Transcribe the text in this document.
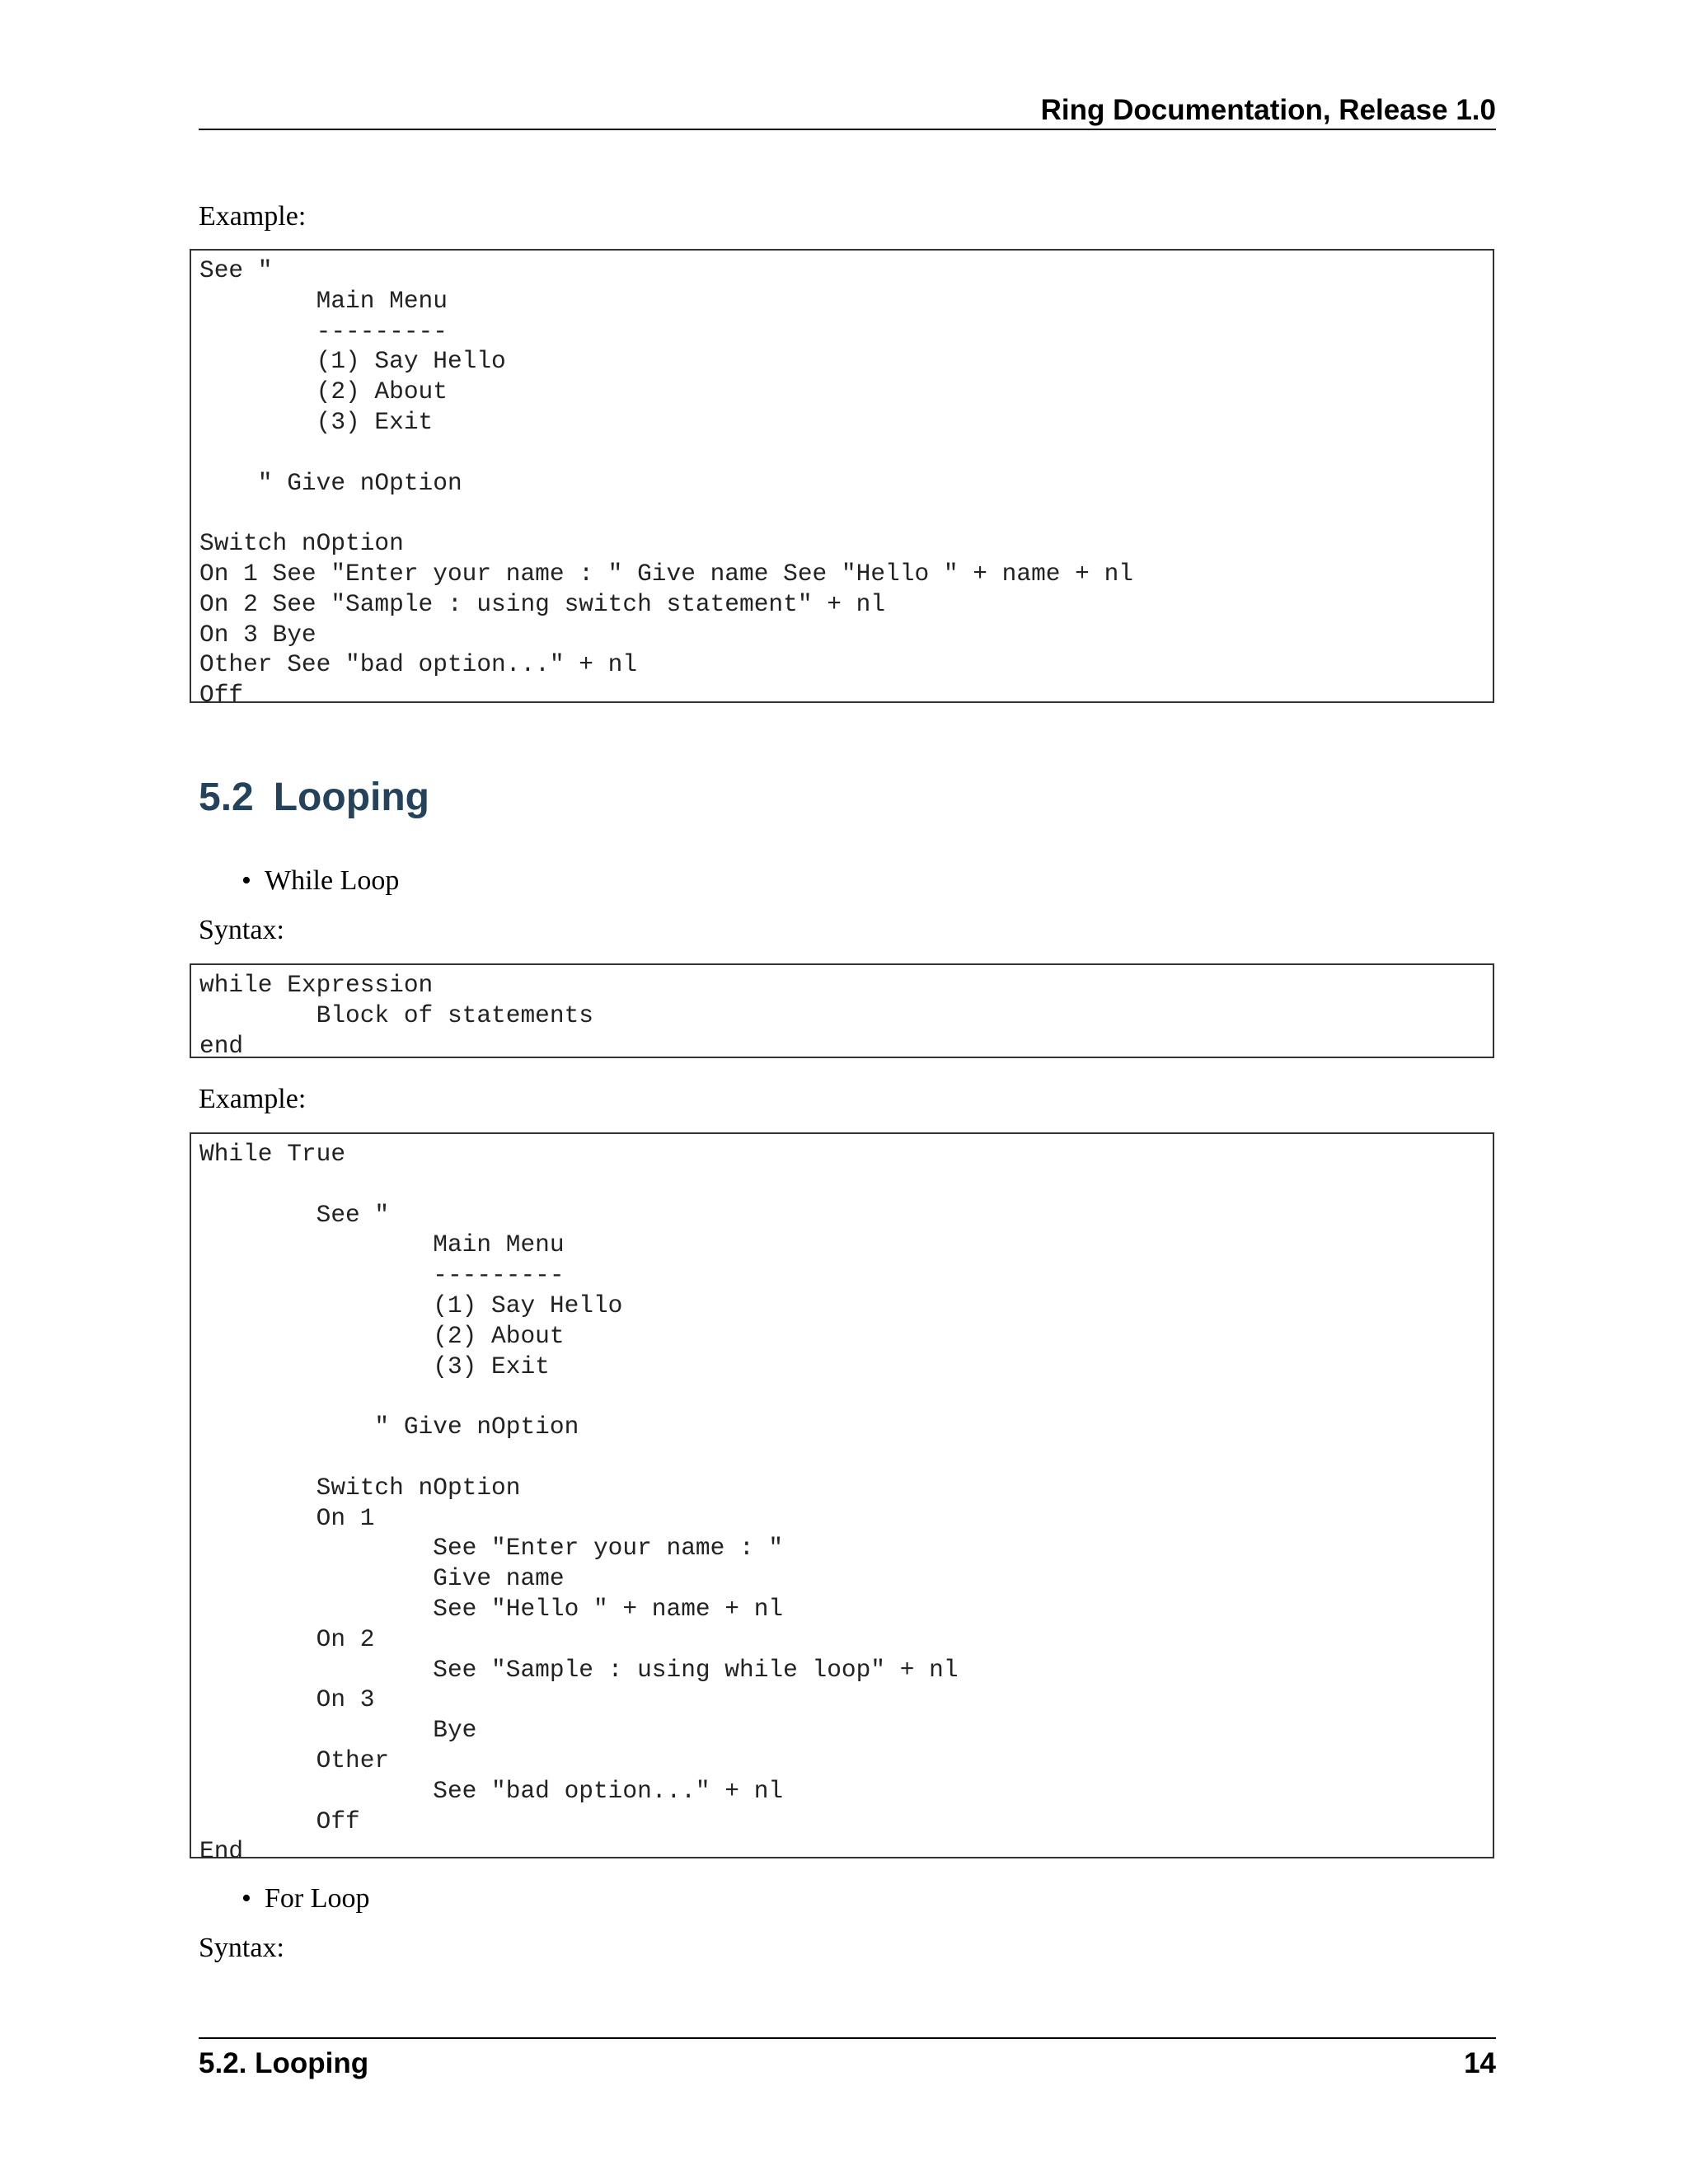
Ring Documentation, Release 1.0
Example:
See "
	Main Menu
	---------
	(1) Say Hello
	(2) About
	(3) Exit

" Give nOption

Switch nOption
On 1 See "Enter your name : " Give name See "Hello " + name + nl
On 2 See "Sample : using switch statement" + nl
On 3 Bye
Other See "bad option..." + nl
Off
5.2 Looping
• While Loop
Syntax:
while Expression
	Block of statements
end
Example:
While True

	See "
		Main Menu
		---------
		(1) Say Hello
		(2) About
		(3) Exit

	" Give nOption

	Switch nOption
	On 1
		See "Enter your name : "
		Give name
		See "Hello " + name + nl
	On 2
		See "Sample : using while loop" + nl
	On 3
		Bye
	Other
		See "bad option..." + nl
	Off
End
• For Loop
Syntax:
5.2. Looping	14
